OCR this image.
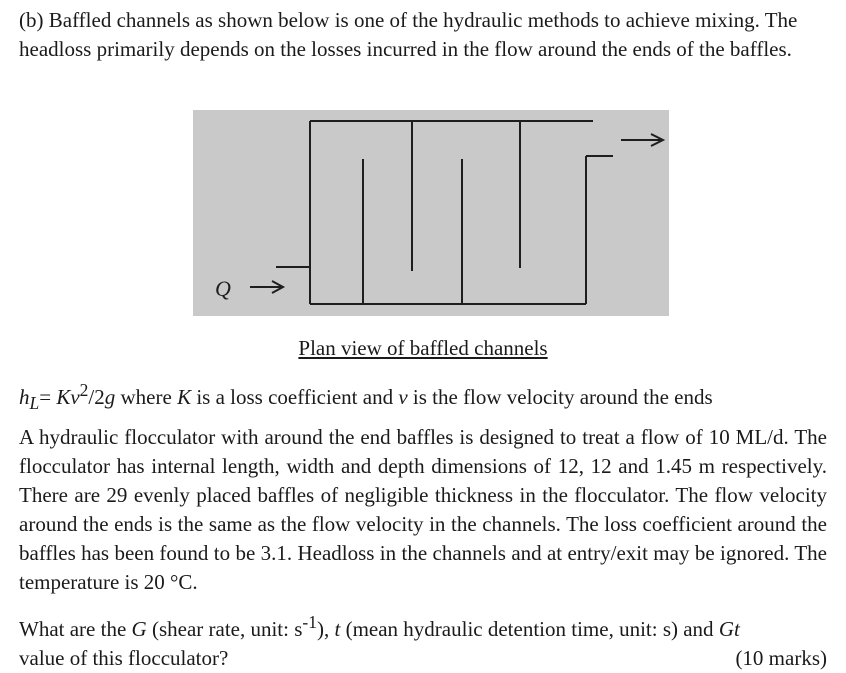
(b) Baffled channels as shown below is one of the hydraulic methods to achieve mixing. The headloss primarily depends on the losses incurred in the flow around the ends of the baffles.

Q
Plan view of baffled channels

$h_L= Kv^2/2g$ where K is a loss coefficient and v is the flow velocity around the ends

A hydraulic flocculator with around the end baffles is designed to treat a flow of 10 ML/d. The flocculator has internal length, width and depth dimensions of 12, 12 and 1.45 m respectively. There are 29 evenly placed baffles of negligible thickness in the flocculator. The flow velocity around the ends is the same as the flow velocity in the channels. The loss coefficient around the baffles has been found to be 3.1. Headloss in the channels and at entry/exit may be ignored. The temperature is 20 °C.

What are the G (shear rate, unit: $s^{-1}$), t (mean hydraulic detention time, unit: s) and Gt
value of this flocculator?	(10 marks)
